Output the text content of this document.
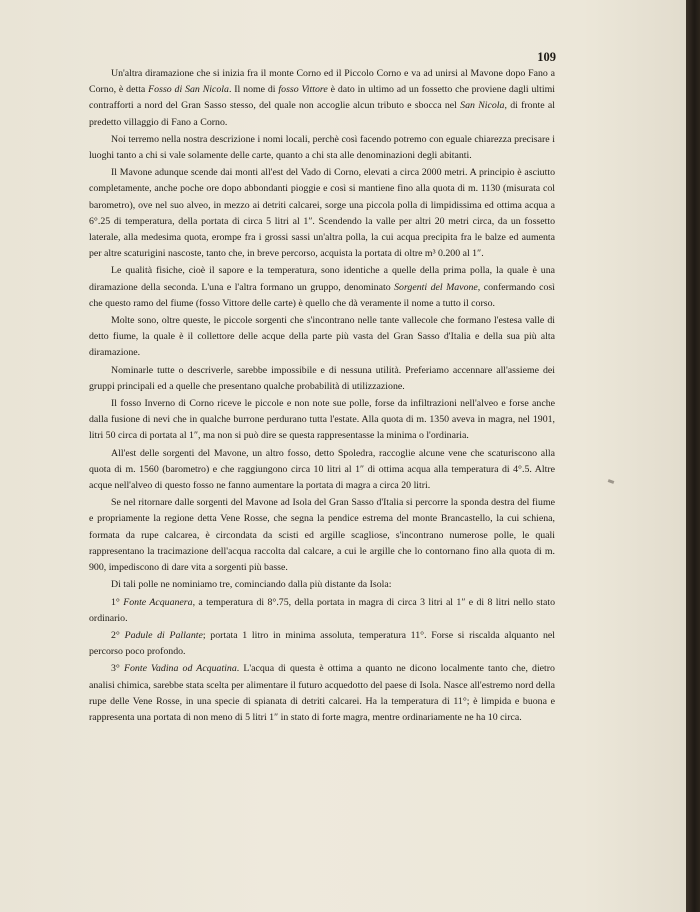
109

Un'altra diramazione che si inizia fra il monte Corno ed il Piccolo Corno e va ad unirsi al Mavone dopo Fano a Corno, è detta Fosso di San Nicola. Il nome di fosso Vittore è dato in ultimo ad un fossetto che proviene dagli ultimi contrafforti a nord del Gran Sasso stesso, del quale non accoglie alcun tributo e sbocca nel San Nicola, di fronte al predetto villaggio di Fano a Corno.

Noi terremo nella nostra descrizione i nomi locali, perchè così facendo potremo con eguale chiarezza precisare i luoghi tanto a chi si vale solamente delle carte, quanto a chi sta alle denominazioni degli abitanti.

Il Mavone adunque scende dai monti all'est del Vado di Corno, elevati a circa 2000 metri. A principio è asciutto completamente, anche poche ore dopo abbondanti pioggie e così si mantiene fino alla quota di m. 1130 (misurata col barometro), ove nel suo alveo, in mezzo ai detriti calcarei, sorge una piccola polla di limpidissima ed ottima acqua a 6°.25 di temperatura, della portata di circa 5 litri al 1″. Scendendo la valle per altri 20 metri circa, da un fossetto laterale, alla medesima quota, erompe fra i grossi sassi un'altra polla, la cui acqua precipita fra le balze ed aumenta per altre scaturigini nascoste, tanto che, in breve percorso, acquista la portata di oltre m³ 0.200 al 1″.

Le qualità fisiche, cioè il sapore e la temperatura, sono identiche a quelle della prima polla, la quale è una diramazione della seconda. L'una e l'altra formano un gruppo, denominato Sorgenti del Mavone, confermando così che questo ramo del fiume (fosso Vittore delle carte) è quello che dà veramente il nome a tutto il corso.

Molte sono, oltre queste, le piccole sorgenti che s'incontrano nelle tante vallecole che formano l'estesa valle di detto fiume, la quale è il collettore delle acque della parte più vasta del Gran Sasso d'Italia e della sua più alta diramazione.

Nominarle tutte o descriverle, sarebbe impossibile e di nessuna utilità. Preferiamo accennare all'assieme dei gruppi principali ed a quelle che presentano qualche probabilità di utilizzazione.

Il fosso Inverno di Corno riceve le piccole e non note sue polle, forse da infiltrazioni nell'alveo e forse anche dalla fusione di nevi che in qualche burrone perdurano tutta l'estate. Alla quota di m. 1350 aveva in magra, nel 1901, litri 50 circa di portata al 1″, ma non si può dire se questa rappresentasse la minima o l'ordinaria.

All'est delle sorgenti del Mavone, un altro fosso, detto Spoledra, raccoglie alcune vene che scaturiscono alla quota di m. 1560 (barometro) e che raggiungono circa 10 litri al 1″ di ottima acqua alla temperatura di 4°.5. Altre acque nell'alveo di questo fosso ne fanno aumentare la portata di magra a circa 20 litri.

Se nel ritornare dalle sorgenti del Mavone ad Isola del Gran Sasso d'Italia si percorre la sponda destra del fiume e propriamente la regione detta Vene Rosse, che segna la pendice estrema del monte Brancastello, la cui schiena, formata da rupe calcarea, è circondata da scisti ed argille scagliose, s'incontrano numerose polle, le quali rappresentano la tracimazione dell'acqua raccolta dal calcare, a cui le argille che lo contornano fino alla quota di m. 900, impediscono di dare vita a sorgenti più basse.

Di tali polle ne nominiamo tre, cominciando dalla più distante da Isola:

1° Fonte Acquanera, a temperatura di 8°.75, della portata in magra di circa 3 litri al 1″ e di 8 litri nello stato ordinario.

2° Padule di Pallante; portata 1 litro in minima assoluta, temperatura 11°. Forse si riscalda alquanto nel percorso poco profondo.

3° Fonte Vadina od Acquatina. L'acqua di questa è ottima a quanto ne dicono localmente tanto che, dietro analisi chimica, sarebbe stata scelta per alimentare il futuro acquedotto del paese di Isola. Nasce all'estremo nord della rupe delle Vene Rosse, in una specie di spianata di detriti calcarei. Ha la temperatura di 11°; è limpida e buona e rappresenta una portata di non meno di 5 litri 1″ in stato di forte magra, mentre ordinariamente ne ha 10 circa.
